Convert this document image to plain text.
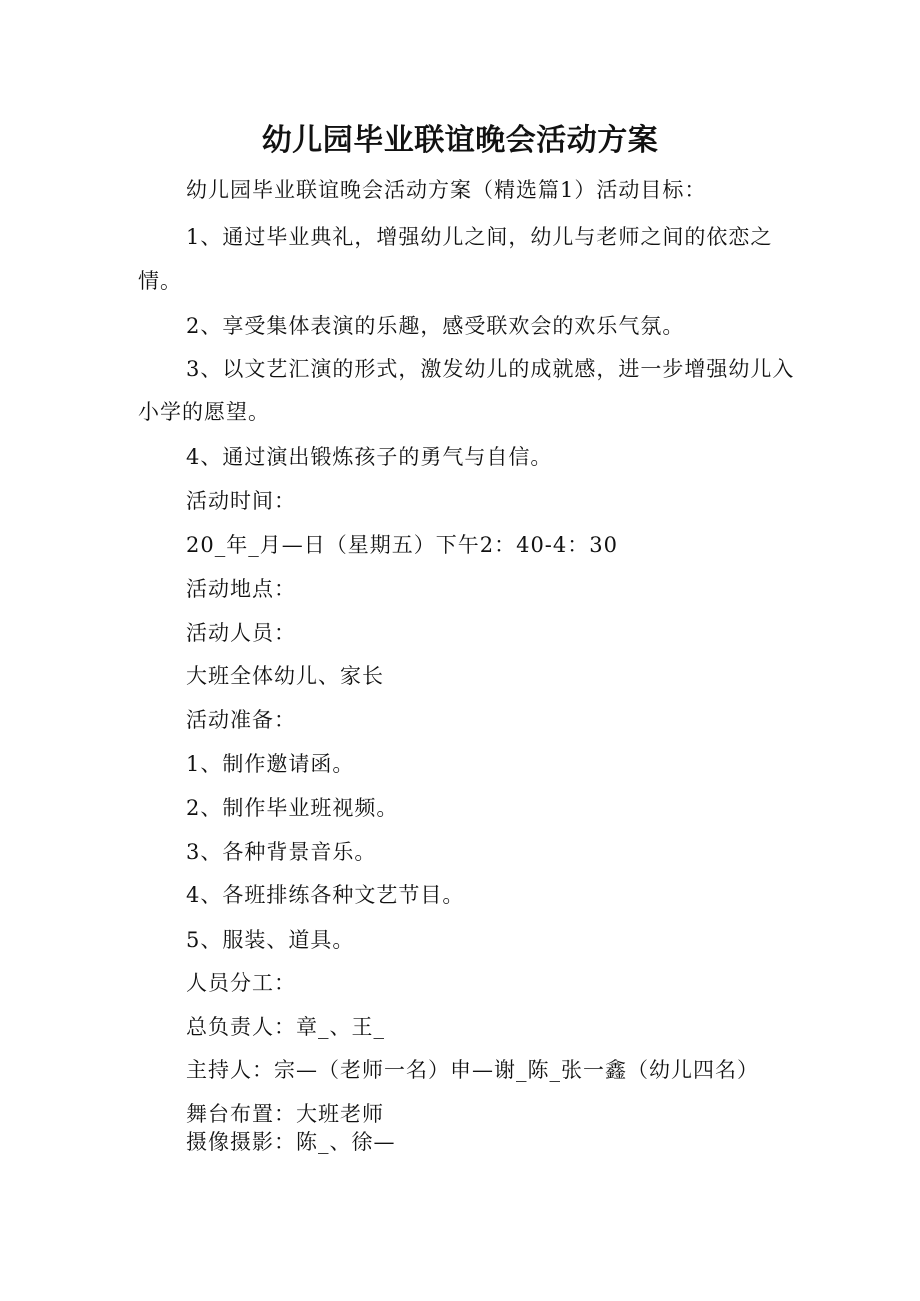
幼儿园毕业联谊晚会活动方案
幼儿园毕业联谊晚会活动方案（精选篇1）活动目标：
1、通过毕业典礼，增强幼儿之间，幼儿与老师之间的依恋之
情。
2、享受集体表演的乐趣，感受联欢会的欢乐气氛。
3、以文艺汇演的形式，激发幼儿的成就感，进一步增强幼儿入
小学的愿望。
4、通过演出锻炼孩子的勇气与自信。
活动时间：
20_年_月—日（星期五）下午2：40-4：30
活动地点：
活动人员：
大班全体幼儿、家长
活动准备：
1、制作邀请函。
2、制作毕业班视频。
3、各种背景音乐。
4、各班排练各种文艺节目。
5、服装、道具。
人员分工：
总负责人：章_、王_
主持人：宗—（老师一名）申—谢_陈_张一鑫（幼儿四名）
舞台布置：大班老师
摄像摄影：陈_、徐—
